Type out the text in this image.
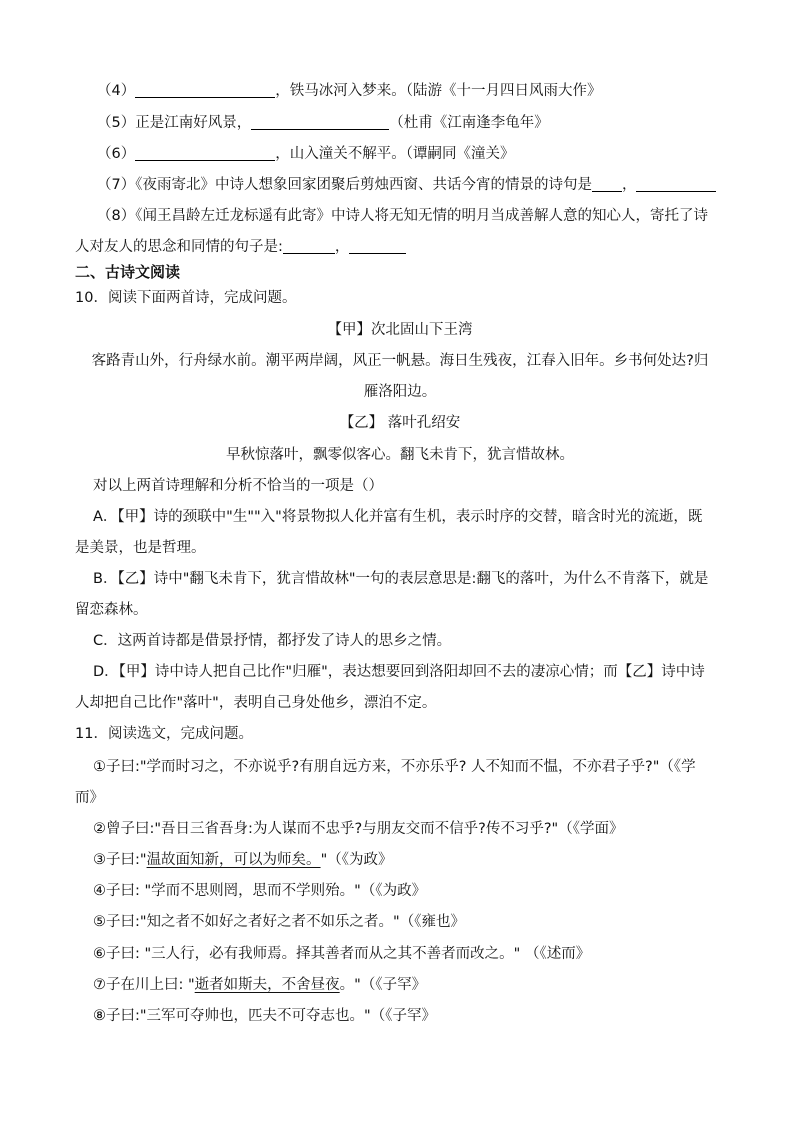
（4）	，铁马冰河入梦来。（陆游《十一月四日风雨大作》
（5）正是江南好风景，	（杜甫《江南逢李龟年》
（6）	，山入潼关不解平。（谭嗣同《潼关》
（7）《夜雨寄北》中诗人想象回家团聚后剪烛西窗、共话今宵的情景的诗句是 ，
（8）《闻王昌龄左迁龙标遥有此寄》中诗人将无知无情的明月当成善解人意的知心人，寄托了诗
人对友人的思念和同情的句子是:	，
二、古诗文阅读
10．阅读下面两首诗，完成问题。
【甲】次北固山下王湾
客路青山外，行舟绿水前。潮平两岸阔，风正一帆悬。海日生残夜，江春入旧年。乡书何处达?归
雁洛阳边。
【乙】 落叶孔绍安
早秋惊落叶，飘零似客心。翻飞未肯下，犹言惜故林。
对以上两首诗理解和分析不恰当的一项是（）
A．【甲】诗的颈联中"生""入"将景物拟人化并富有生机，表示时序的交替，暗含时光的流逝，既
是美景，也是哲理。
B．【乙】诗中"翻飞未肯下，犹言惜故林"一句的表层意思是:翻飞的落叶，为什么不肯落下，就是
留恋森林。
C．这两首诗都是借景抒情，都抒发了诗人的思乡之情。
D．【甲】诗中诗人把自己比作"归雁"，表达想要回到洛阳却回不去的凄凉心情；而【乙】诗中诗
人却把自己比作"落叶"，表明自己身处他乡，漂泊不定。
11．阅读选文，完成问题。
①子曰:"学而时习之，不亦说乎?有朋自远方来，不亦乐乎? 人不知而不愠，不亦君子乎?"（《学
而》
②曾子曰:"吾日三省吾身:为人谋而不忠乎?与朋友交而不信乎?传不习乎?"（《学面》
③子曰:"温故面知新，可以为师矣。"（《为政》
④子曰: "学而不思则罔，思而不学则殆。"（《为政》
⑤子曰:"知之者不如好之者好之者不如乐之者。"（《雍也》
⑥子曰: "三人行，必有我师焉。择其善者而从之其不善者而改之。" （《述而》
⑦子在川上曰: "逝者如斯夫，不舍昼夜。"（《子罕》
⑧子曰:"三军可夺帅也，匹夫不可夺志也。"（《子罕》
